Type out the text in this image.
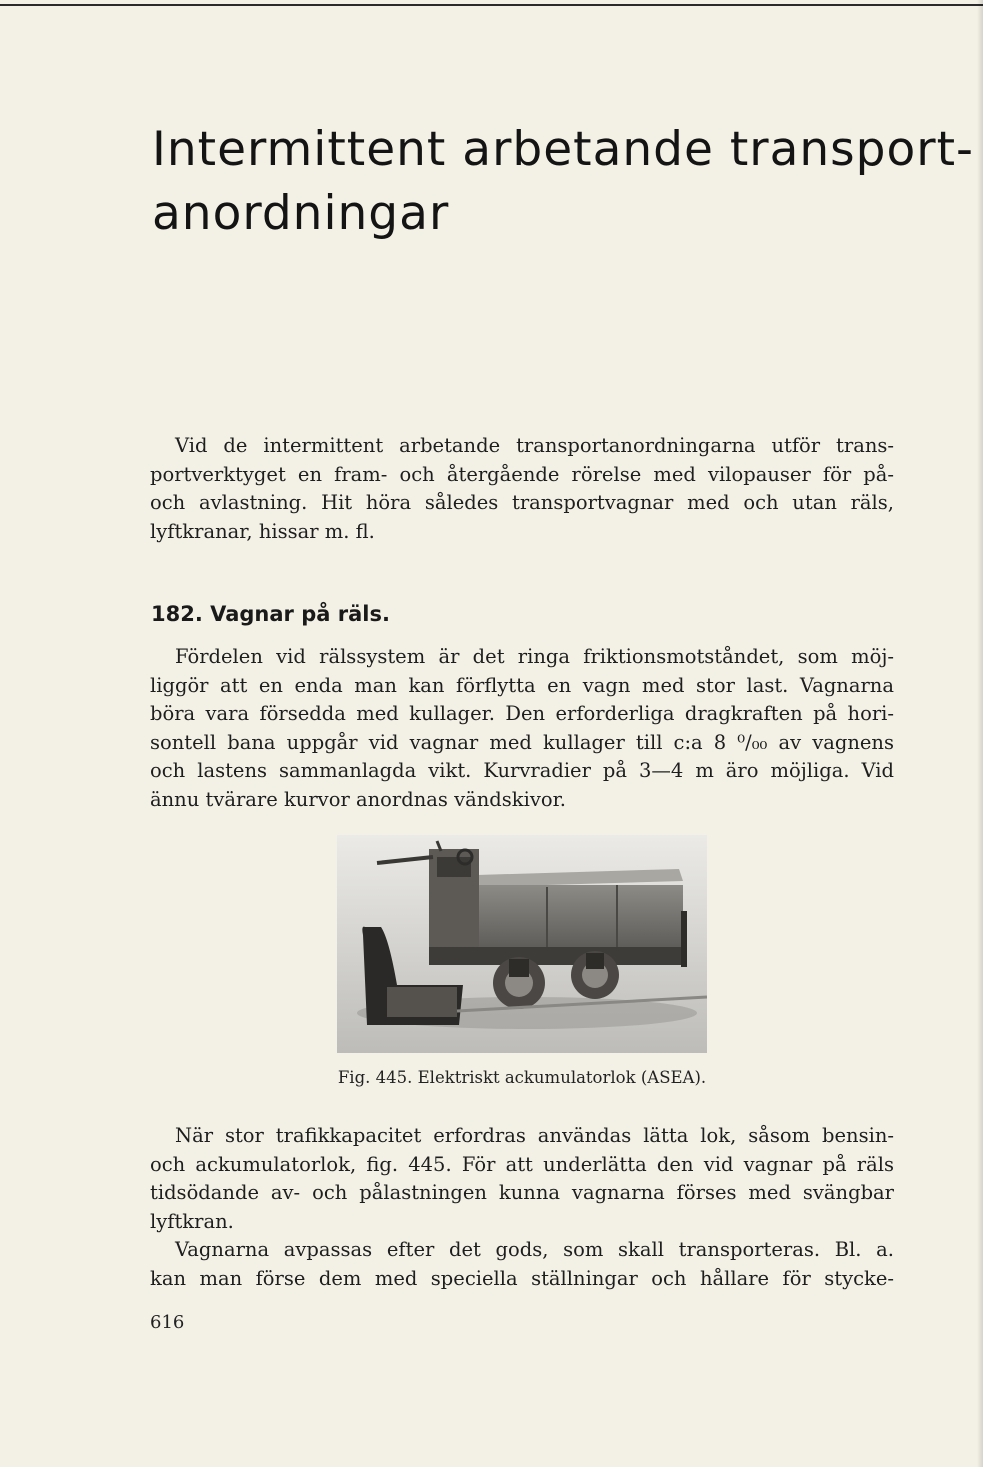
Intermittent arbetande transport-
anordningar
Vid de intermittent arbetande transportanordningarna utför trans-
portverktyget en fram- och återgående rörelse med vilopauser för på-
och avlastning. Hit höra således transportvagnar med och utan räls,
lyftkranar, hissar m. fl.
182. Vagnar på räls.
Fördelen vid rälssystem är det ringa friktionsmotståndet, som möj-
liggör att en enda man kan förflytta en vagn med stor last. Vagnarna
böra vara försedda med kullager. Den erforderliga dragkraften på hori-
sontell bana uppgår vid vagnar med kullager till c:a 8 ⁰/₀₀ av vagnens
och lastens sammanlagda vikt. Kurvradier på 3—4 m äro möjliga. Vid
ännu tvärare kurvor anordnas vändskivor.
Fig. 445. Elektriskt ackumulatorlok (ASEA).
När stor trafikkapacitet erfordras användas lätta lok, såsom bensin-
och ackumulatorlok, fig. 445. För att underlätta den vid vagnar på räls
tidsödande av- och pålastningen kunna vagnarna förses med svängbar
lyftkran.
Vagnarna avpassas efter det gods, som skall transporteras. Bl. a.
kan man förse dem med speciella ställningar och hållare för stycke-
616
